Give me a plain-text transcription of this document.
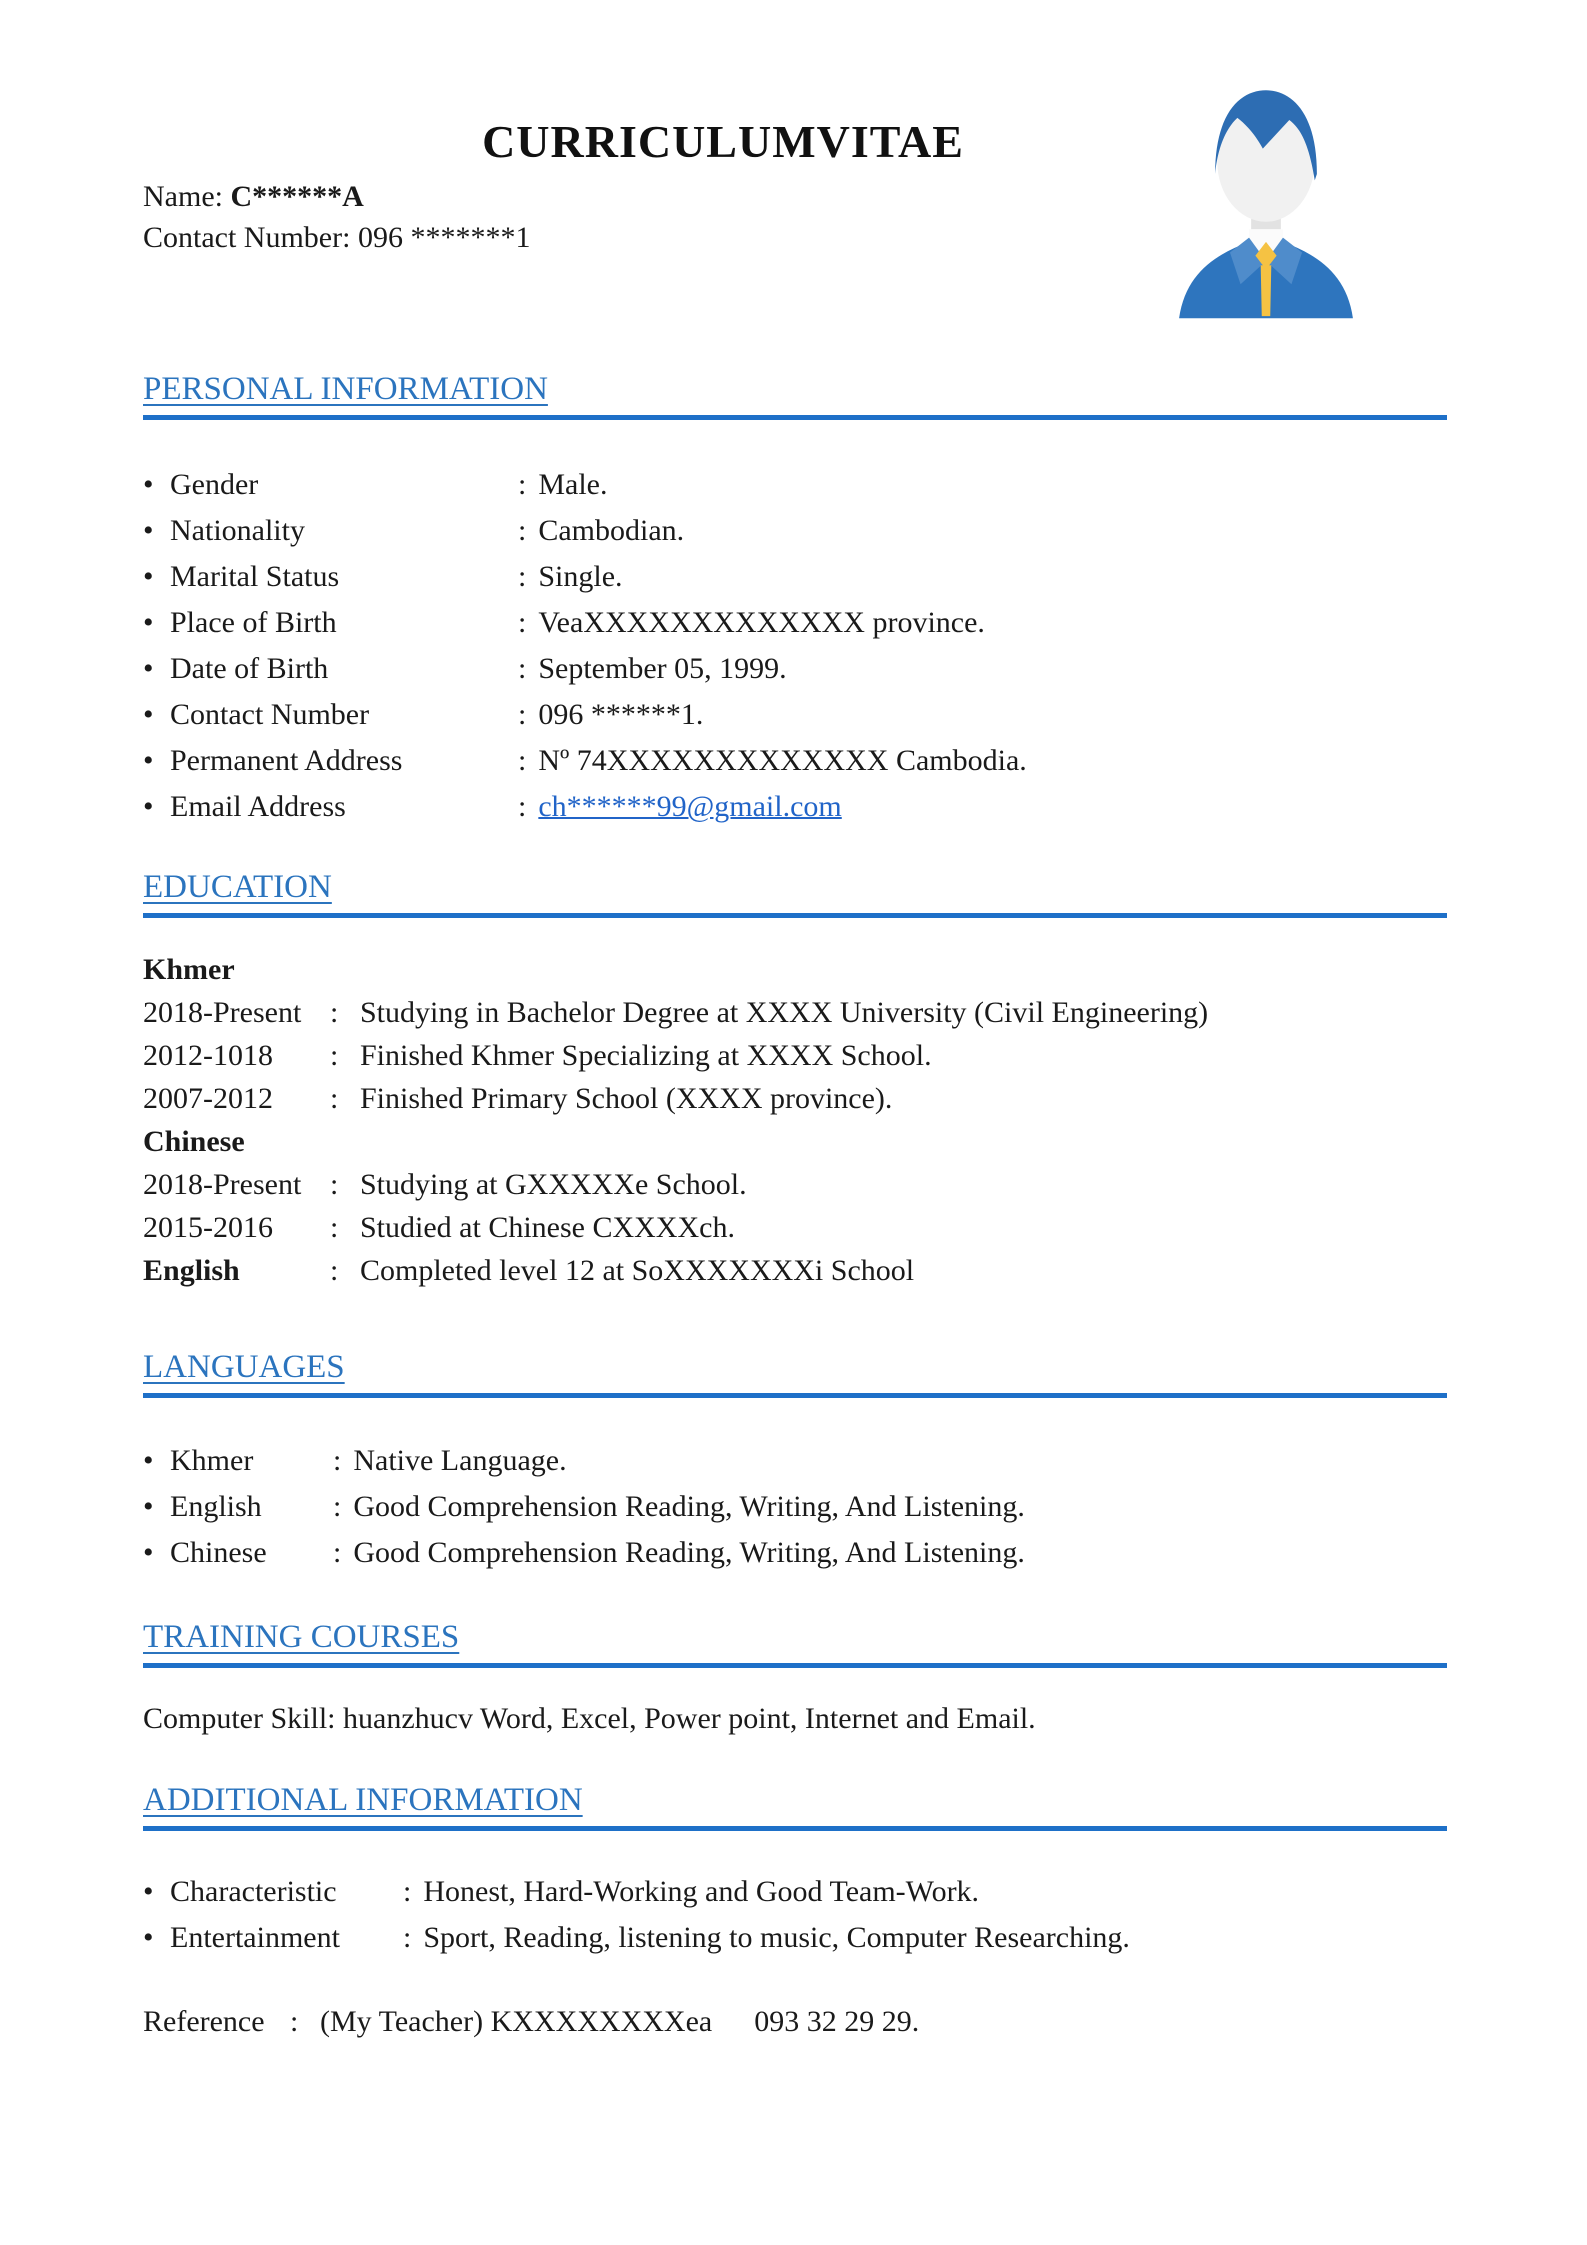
CURRICULUMVITAE
Name: C******A
Contact Number: 096 *******1
PERSONAL INFORMATION
• Gender	: Male.
• Nationality	: Cambodian.
• Marital Status	: Single.
• Place of Birth	: VeaXXXXXXXXXXXXX province.
• Date of Birth	: September 05, 1999.
• Contact Number	: 096 ******1.
• Permanent Address	: Nº 74XXXXXXXXXXXXX Cambodia.
• Email Address	: ch******99@gmail.com
EDUCATION
Khmer
2018-Present : Studying in Bachelor Degree at XXXX University (Civil Engineering)
2012-1018 : Finished Khmer Specializing at XXXX School.
2007-2012 : Finished Primary School (XXXX province).
Chinese
2018-Present : Studying at GXXXXXe School.
2015-2016 : Studied at Chinese CXXXXch.
English	: Completed level 12 at SoXXXXXXXi School
LANGUAGES
• Khmer	: Native Language.
• English : Good Comprehension Reading, Writing, And Listening.
• Chinese : Good Comprehension Reading, Writing, And Listening.
TRAINING COURSES
Computer Skill: huanzhucv Word, Excel, Power point, Internet and Email.
ADDITIONAL INFORMATION
• Characteristic : Honest, Hard-Working and Good Team-Work.
• Entertainment : Sport, Reading, listening to music, Computer Researching.
Reference : (My Teacher) KXXXXXXXXea 093 32 29 29.
